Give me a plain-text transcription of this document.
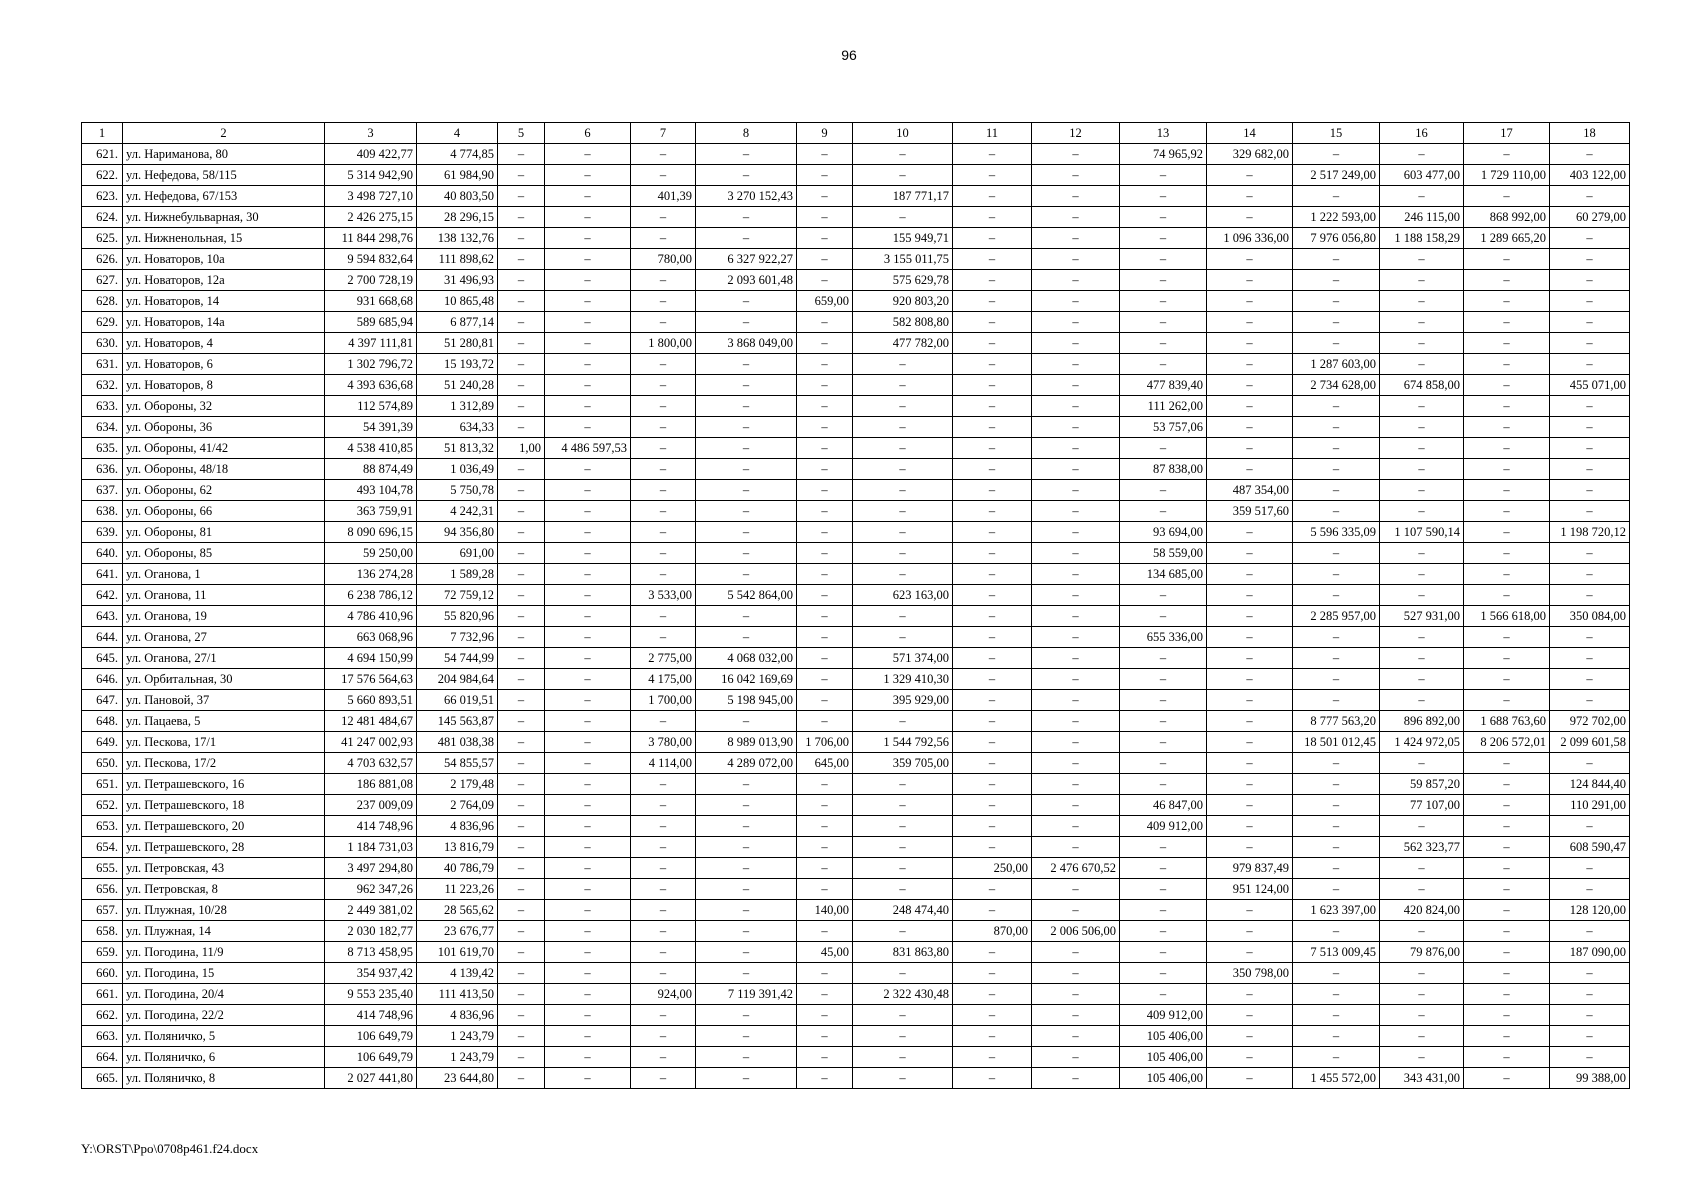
96
1	2	3	4	5	6	7	8	9	10	11	12	13	14	15	16	17	18
621.	ул. Нариманова, 80	409 422,77	4 774,85	–	–	–	–	–	–	–	–	74 965,92	329 682,00	–	–	–	–
622.	ул. Нефедова, 58/115	5 314 942,90	61 984,90	–	–	–	–	–	–	–	–	–	–	2 517 249,00	603 477,00	1 729 110,00	403 122,00
623.	ул. Нефедова, 67/153	3 498 727,10	40 803,50	–	–	401,39	3 270 152,43	–	187 771,17	–	–	–	–	–	–	–	–
624.	ул. Нижнебульварная, 30	2 426 275,15	28 296,15	–	–	–	–	–	–	–	–	–	–	1 222 593,00	246 115,00	868 992,00	60 279,00
625.	ул. Нижненольная, 15	11 844 298,76	138 132,76	–	–	–	–	–	155 949,71	–	–	–	1 096 336,00	7 976 056,80	1 188 158,29	1 289 665,20	–
626.	ул. Новаторов, 10а	9 594 832,64	111 898,62	–	–	780,00	6 327 922,27	–	3 155 011,75	–	–	–	–	–	–	–	–
627.	ул. Новаторов, 12а	2 700 728,19	31 496,93	–	–	–	2 093 601,48	–	575 629,78	–	–	–	–	–	–	–	–
628.	ул. Новаторов, 14	931 668,68	10 865,48	–	–	–	–	659,00	920 803,20	–	–	–	–	–	–	–	–
629.	ул. Новаторов, 14а	589 685,94	6 877,14	–	–	–	–	–	582 808,80	–	–	–	–	–	–	–	–
630.	ул. Новаторов, 4	4 397 111,81	51 280,81	–	–	1 800,00	3 868 049,00	–	477 782,00	–	–	–	–	–	–	–	–
631.	ул. Новаторов, 6	1 302 796,72	15 193,72	–	–	–	–	–	–	–	–	–	–	1 287 603,00	–	–	–
632.	ул. Новаторов, 8	4 393 636,68	51 240,28	–	–	–	–	–	–	–	–	477 839,40	–	2 734 628,00	674 858,00	–	455 071,00
633.	ул. Обороны, 32	112 574,89	1 312,89	–	–	–	–	–	–	–	–	111 262,00	–	–	–	–	–
634.	ул. Обороны, 36	54 391,39	634,33	–	–	–	–	–	–	–	–	53 757,06	–	–	–	–	–
635.	ул. Обороны, 41/42	4 538 410,85	51 813,32	1,00	4 486 597,53	–	–	–	–	–	–	–	–	–	–	–	–
636.	ул. Обороны, 48/18	88 874,49	1 036,49	–	–	–	–	–	–	–	–	87 838,00	–	–	–	–	–
637.	ул. Обороны, 62	493 104,78	5 750,78	–	–	–	–	–	–	–	–	–	487 354,00	–	–	–	–
638.	ул. Обороны, 66	363 759,91	4 242,31	–	–	–	–	–	–	–	–	–	359 517,60	–	–	–	–
639.	ул. Обороны, 81	8 090 696,15	94 356,80	–	–	–	–	–	–	–	–	93 694,00	–	5 596 335,09	1 107 590,14	–	1 198 720,12
640.	ул. Обороны, 85	59 250,00	691,00	–	–	–	–	–	–	–	–	58 559,00	–	–	–	–	–
641.	ул. Оганова, 1	136 274,28	1 589,28	–	–	–	–	–	–	–	–	134 685,00	–	–	–	–	–
642.	ул. Оганова, 11	6 238 786,12	72 759,12	–	–	3 533,00	5 542 864,00	–	623 163,00	–	–	–	–	–	–	–	–
643.	ул. Оганова, 19	4 786 410,96	55 820,96	–	–	–	–	–	–	–	–	–	–	2 285 957,00	527 931,00	1 566 618,00	350 084,00
644.	ул. Оганова, 27	663 068,96	7 732,96	–	–	–	–	–	–	–	–	655 336,00	–	–	–	–	–
645.	ул. Оганова, 27/1	4 694 150,99	54 744,99	–	–	2 775,00	4 068 032,00	–	571 374,00	–	–	–	–	–	–	–	–
646.	ул. Орбитальная, 30	17 576 564,63	204 984,64	–	–	4 175,00	16 042 169,69	–	1 329 410,30	–	–	–	–	–	–	–	–
647.	ул. Пановой, 37	5 660 893,51	66 019,51	–	–	1 700,00	5 198 945,00	–	395 929,00	–	–	–	–	–	–	–	–
648.	ул. Пацаева, 5	12 481 484,67	145 563,87	–	–	–	–	–	–	–	–	–	–	8 777 563,20	896 892,00	1 688 763,60	972 702,00
649.	ул. Пескова, 17/1	41 247 002,93	481 038,38	–	–	3 780,00	8 989 013,90	1 706,00	1 544 792,56	–	–	–	–	18 501 012,45	1 424 972,05	8 206 572,01	2 099 601,58
650.	ул. Пескова, 17/2	4 703 632,57	54 855,57	–	–	4 114,00	4 289 072,00	645,00	359 705,00	–	–	–	–	–	–	–	–
651.	ул. Петрашевского, 16	186 881,08	2 179,48	–	–	–	–	–	–	–	–	–	–	–	59 857,20	–	124 844,40
652.	ул. Петрашевского, 18	237 009,09	2 764,09	–	–	–	–	–	–	–	–	46 847,00	–	–	77 107,00	–	110 291,00
653.	ул. Петрашевского, 20	414 748,96	4 836,96	–	–	–	–	–	–	–	–	409 912,00	–	–	–	–	–
654.	ул. Петрашевского, 28	1 184 731,03	13 816,79	–	–	–	–	–	–	–	–	–	–	–	562 323,77	–	608 590,47
655.	ул. Петровская, 43	3 497 294,80	40 786,79	–	–	–	–	–	–	250,00	2 476 670,52	–	979 837,49	–	–	–	–
656.	ул. Петровская, 8	962 347,26	11 223,26	–	–	–	–	–	–	–	–	–	951 124,00	–	–	–	–
657.	ул. Плужная, 10/28	2 449 381,02	28 565,62	–	–	–	–	140,00	248 474,40	–	–	–	–	1 623 397,00	420 824,00	–	128 120,00
658.	ул. Плужная, 14	2 030 182,77	23 676,77	–	–	–	–	–	–	870,00	2 006 506,00	–	–	–	–	–	–
659.	ул. Погодина, 11/9	8 713 458,95	101 619,70	–	–	–	–	45,00	831 863,80	–	–	–	–	7 513 009,45	79 876,00	–	187 090,00
660.	ул. Погодина, 15	354 937,42	4 139,42	–	–	–	–	–	–	–	–	–	350 798,00	–	–	–	–
661.	ул. Погодина, 20/4	9 553 235,40	111 413,50	–	–	924,00	7 119 391,42	–	2 322 430,48	–	–	–	–	–	–	–	–
662.	ул. Погодина, 22/2	414 748,96	4 836,96	–	–	–	–	–	–	–	–	409 912,00	–	–	–	–	–
663.	ул. Поляничко, 5	106 649,79	1 243,79	–	–	–	–	–	–	–	–	105 406,00	–	–	–	–	–
664.	ул. Поляничко, 6	106 649,79	1 243,79	–	–	–	–	–	–	–	–	105 406,00	–	–	–	–	–
665.	ул. Поляничко, 8	2 027 441,80	23 644,80	–	–	–	–	–	–	–	–	105 406,00	–	1 455 572,00	343 431,00	–	99 388,00
Y:\ORST\Ppo\0708p461.f24.docx
